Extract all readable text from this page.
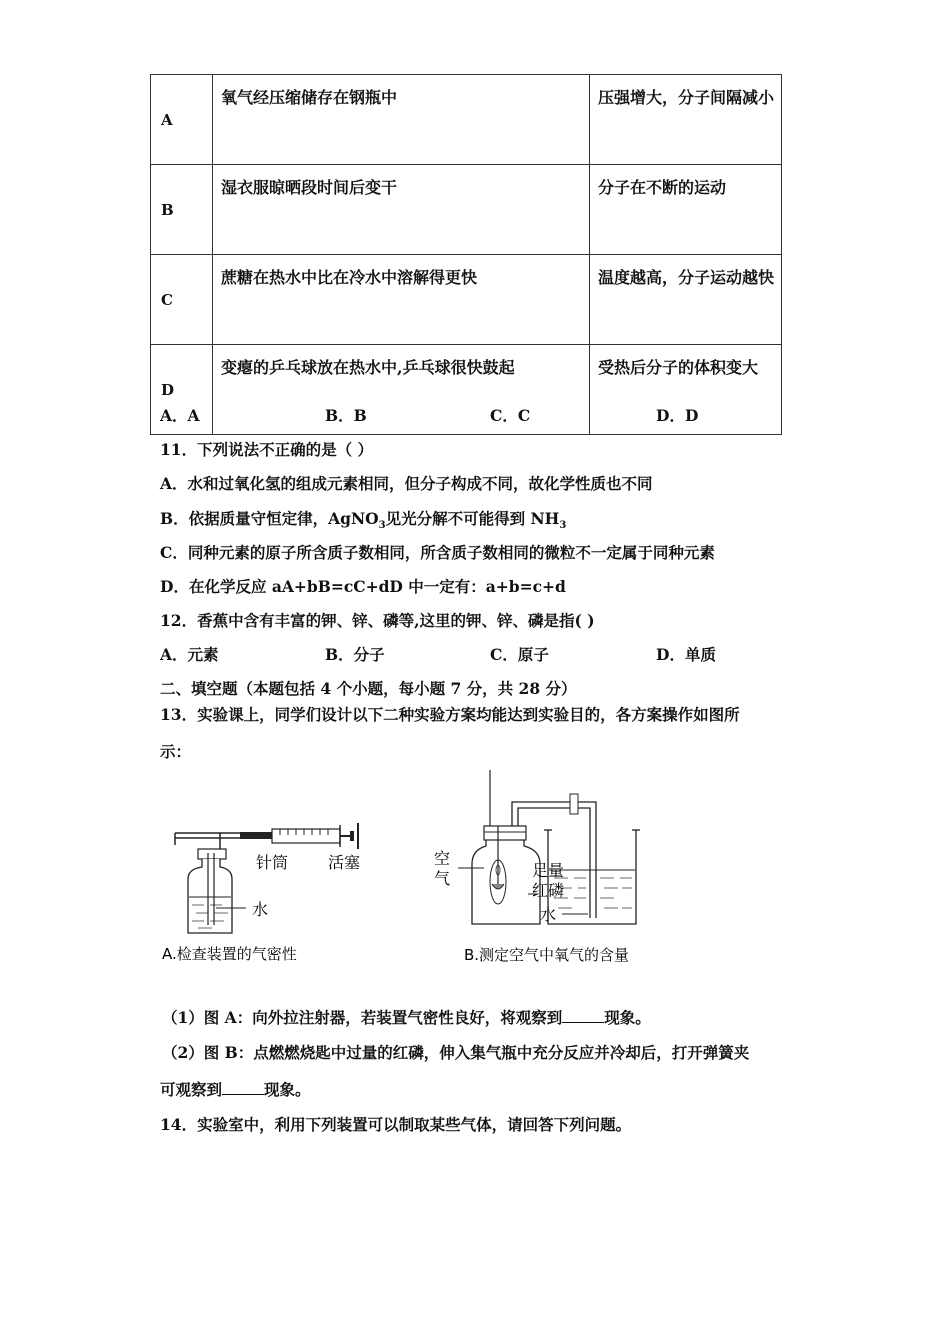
A	氧气经压缩储存在钢瓶中	压强增大，分子间隔减小
B	湿衣服晾晒段时间后变干	分子在不断的运动
C	蔗糖在热水中比在冷水中溶解得更快	温度越高，分子运动越快
D	变瘪的乒乓球放在热水中,乒乓球很快鼓起	受热后分子的体积变大
A．A	B．B	C．C	D．D
11．下列说法不正确的是（ ）
A．水和过氧化氢的组成元素相同，但分子构成不同，故化学性质也不同
B．依据质量守恒定律，AgNO$_3$见光分解不可能得到 $NH_3$
C．同种元素的原子所含质子数相同，所含质子数相同的微粒不一定属于同种元素
D．在化学反应 aA+bB=cC+dD 中一定有：a+b=c+d
12．香蕉中含有丰富的钾、锌、磷等,这里的钾、锌、磷是指( )
A．元素	B．分子	C．原子	D．单质
二、填空题（本题包括 4 个小题，每小题 7 分，共 28 分）
13．实验课上，同学们设计以下二种实验方案均能达到实验目的，各方案操作如图所
示：
针筒 活塞
水
A.检查装置的气密性
空
气	足量
红磷
水
B.测定空气中氧气的含量
（1）图 A：向外拉注射器，若装置气密性良好，将观察到	现象。
（2）图 B：点燃燃烧匙中过量的红磷，伸入集气瓶中充分反应并冷却后，打开弹簧夹
可观察到	现象。
14．实验室中，利用下列装置可以制取某些气体，请回答下列问题。
